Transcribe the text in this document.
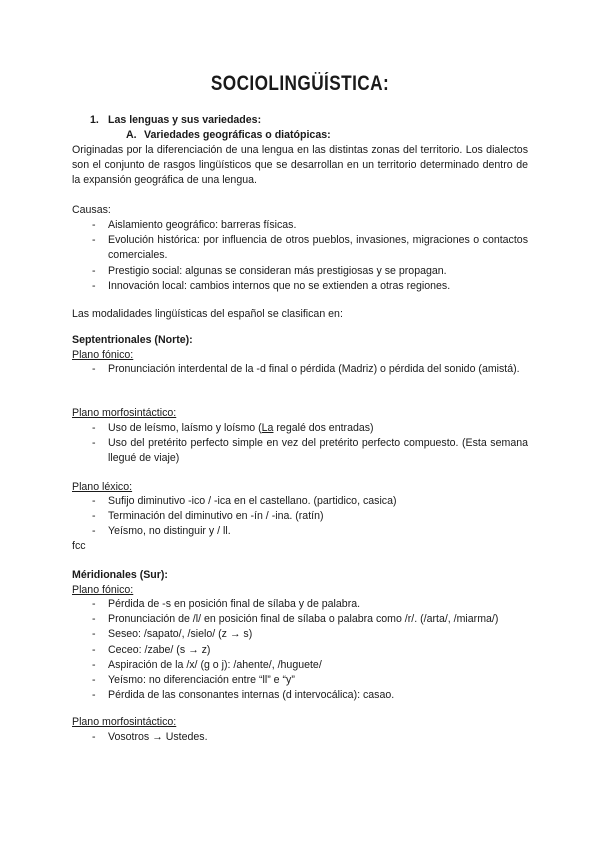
SOCIOLINGÜÍSTICA:
1. Las lenguas y sus variedades:
A. Variedades geográficas o diatópicas:
Originadas por la diferenciación de una lengua en las distintas zonas del territorio. Los dialectos son el conjunto de rasgos lingüísticos que se desarrollan en un territorio determinado dentro de la expansión geográfica de una lengua.
Causas:
- Aislamiento geográfico: barreras físicas.
- Evolución histórica: por influencia de otros pueblos, invasiones, migraciones o contactos comerciales.
- Prestigio social: algunas se consideran más prestigiosas y se propagan.
- Innovación local: cambios internos que no se extienden a otras regiones.
Las modalidades lingüísticas del español se clasifican en:
Septentrionales (Norte):
Plano fónico:
- Pronunciación interdental de la -d final o pérdida (Madriz) o pérdida del sonido (amistá).
Plano morfosintáctico:
- Uso de leísmo, laísmo y loísmo (La regalé dos entradas)
- Uso del pretérito perfecto simple en vez del pretérito perfecto compuesto. (Esta semana llegué de viaje)
Plano léxico:
- Sufijo diminutivo -ico / -ica en el castellano. (partidico, casica)
- Terminación del diminutivo en -ín / -ina. (ratín)
- Yeísmo, no distinguir y / ll.
fcc
Méridionales (Sur):
Plano fónico:
- Pérdida de -s en posición final de sílaba y de palabra.
- Pronunciación de /l/ en posición final de sílaba o palabra como /r/. (/arta/, /miarma/)
- Seseo: /sapato/, /sielo/ (z → s)
- Ceceo: /zabe/ (s → z)
- Aspiración de la /x/ (g o j): /ahente/, /huguete/
- Yeísmo: no diferenciación entre “ll” e “y”
- Pérdida de las consonantes internas (d intervocálica): casao.
Plano morfosintáctico:
- Vosotros → Ustedes.
